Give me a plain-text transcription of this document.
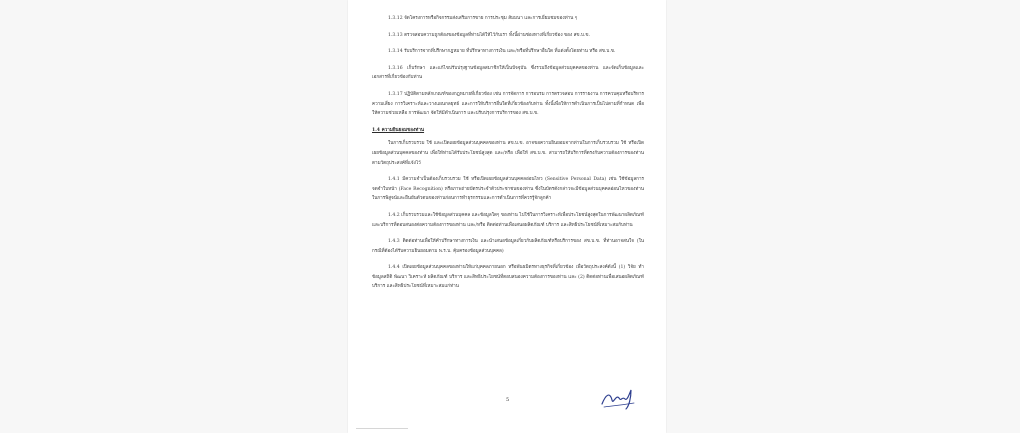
1.3.12 จัดโครงการหรือกิจกรรมส่งเสริมการขาย การประชุม สัมมนา และการเยี่ยมชมของท่าน ๆ

1.3.13 ตรวจสอบความถูกต้องของข้อมูลที่ท่านได้ให้ไว้กับเรา ทั้งนี้ผ่านช่องทางที่เกี่ยวข้อง ของ สข.บ.ข.

1.3.14 รับบริการจากที่ปรึกษากฎหมาย ที่ปรึกษาทางการเงิน และ/หรือที่ปรึกษาอื่นใด ที่แต่งตั้งโดยท่าน หรือ สข.บ.ข.

1.3.16 เก็บรักษา และแก้ไขปรับปรุงฐานข้อมูลสมาชิกให้เป็นปัจจุบัน ซึ่งรวมถึงข้อมูลส่วนบุคคลของท่าน และจัดเก็บข้อมูลและเอกสารที่เกี่ยวข้องกับท่าน

1.3.17 ปฏิบัติตามหลักเกณฑ์ของกฎหมายที่เกี่ยวข้อง เช่น การจัดการ การอบรม การตรวจสอบ การรายงาน การควบคุมหรือบริหารความเสี่ยง การวิเคราะห์และวางแผนกลยุทธ์ และการให้บริการอื่นใดที่เกี่ยวข้องกับท่าน ทั้งนี้เพื่อให้การดำเนินการเป็นไปตามที่กำหนด เพื่อให้ความช่วยเหลือ การพัฒนา จัดให้มีดำเนินการ และปรับปรุงการบริการของ สข.บ.ข.

1.4 ความยินยอมของท่าน

ในการเก็บรวบรวม ใช้ และเปิดเผยข้อมูลส่วนบุคคลของท่าน สข.บ.ข. อาจขอความยินยอมจากท่านในการเก็บรวบรวม ใช้ หรือเปิดเผยข้อมูลส่วนบุคคลของท่าน เพื่อให้ท่านได้รับประโยชน์สูงสุด และ/หรือ เพื่อให้ สข.บ.ข. สามารถให้บริการที่ตรงกับความต้องการของท่าน ตามวัตถุประสงค์ที่แจ้งไว้

1.4.1 มีความจำเป็นต้องเก็บรวบรวม ใช้ หรือเปิดเผยข้อมูลส่วนบุคคลอ่อนไหว (Sensitive Personal Data) เช่น ใช้ข้อมูลการจดจำใบหน้า (Face Recognition) หรือภาพถ่ายบัตรประจำตัวประชาชนของท่าน ซึ่งในบัตรดังกล่าวจะมีข้อมูลส่วนบุคคลอ่อนไหวของท่าน ในการพิสูจน์และยืนยันตัวตนของท่านก่อนการทำธุรกรรมและการดำเนินการที่ควรรู้จักลูกค้า

1.4.2 เก็บรวบรวมและใช้ข้อมูลส่วนบุคคล และข้อมูลใดๆ ของท่าน ไปใช้ในการวิเคราะห์เพื่อประโยชน์สูงสุดในการพัฒนาผลิตภัณฑ์และบริการที่ตอบสนองต่อความต้องการของท่าน และ/หรือ ติดต่อท่านเพื่อเสนอผลิตภัณฑ์ บริการ และสิทธิประโยชน์ที่เหมาะสมกับท่าน

1.4.3 ติดต่อท่านเพื่อให้คำปรึกษาทางการเงิน และนำเสนอข้อมูลเกี่ยวกับผลิตภัณฑ์หรือบริการของ สข.บ.ข. ที่ท่านอาจสนใจ (ในกรณีที่ต้องได้รับความยินยอมตาม พ.ร.บ. คุ้มครองข้อมูลส่วนบุคคล)

1.4.4 เปิดเผยข้อมูลส่วนบุคคลของท่านให้แก่บุคคลภายนอก หรือพันธมิตรทางธุรกิจที่เกี่ยวข้อง เพื่อวัตถุประสงค์ดังนี้ (1) วิจัย ทำข้อมูลสถิติ พัฒนา วิเคราะห์ ผลิตภัณฑ์ บริการ และสิทธิประโยชน์ที่ตอบสนองความต้องการของท่าน และ (2) ติดต่อท่านเพื่อเสนอผลิตภัณฑ์ บริการ และสิทธิประโยชน์ที่เหมาะสมแก่ท่าน

5
